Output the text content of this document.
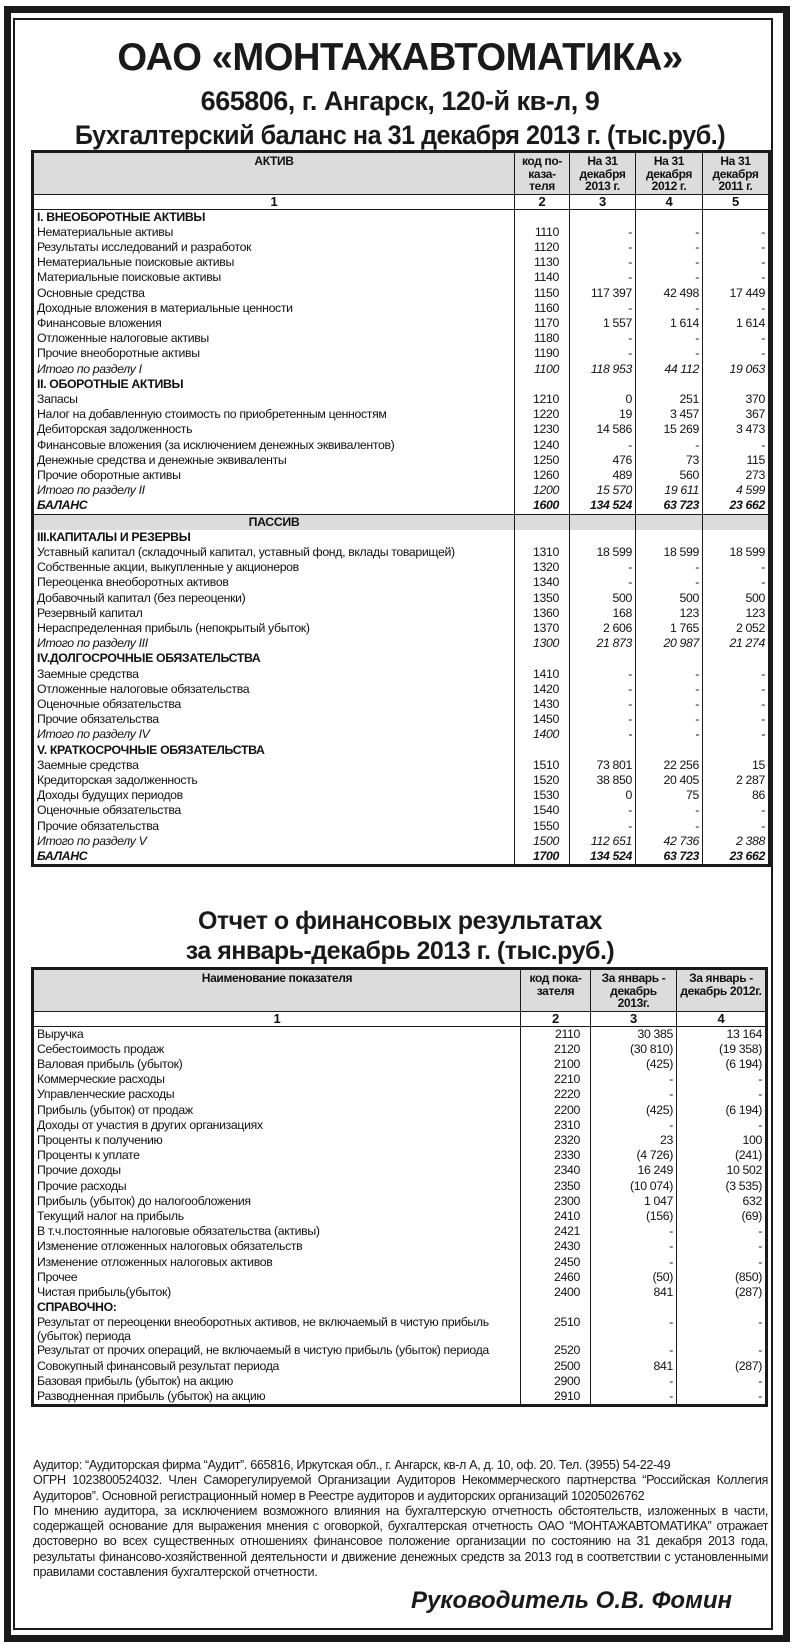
ОАО «МОНТАЖАВТОМАТИКА»
665806, г. Ангарск, 120-й кв-л, 9
Бухгалтерский баланс на 31 декабря 2013 г. (тыс.руб.)
АКТИВ	код по-каза-теля	На 31 декабря 2013 г.	На 31 декабря 2012 г.	На 31 декабря 2011 г.
1	2	3	4	5
I. ВНЕОБОРОТНЫЕ АКТИВЫ				
Нематериальные активы	1110	-	-	-
Результаты исследований и разработок	1120	-	-	-
Нематериальные поисковые активы	1130	-	-	-
Материальные поисковые активы	1140	-	-	-
Основные средства	1150	117 397	42 498	17 449
Доходные вложения в материальные ценности	1160	-	-	-
Финансовые вложения	1170	1 557	1 614	1 614
Отложенные налоговые активы	1180	-	-	-
Прочие внеоборотные активы	1190	-	-	-
Итого по разделу I	1100	118 953	44 112	19 063
II. ОБОРОТНЫЕ АКТИВЫ				
Запасы	1210	0	251	370
Налог на добавленную стоимость по приобретенным ценностям	1220	19	3 457	367
Дебиторская задолженность	1230	14 586	15 269	3 473
Финансовые вложения (за исключением денежных эквивалентов)	1240	-	-	-
Денежные средства и денежные эквиваленты	1250	476	73	115
Прочие оборотные активы	1260	489	560	273
Итого по разделу II	1200	15 570	19 611	4 599
БАЛАНС	1600	134 524	63 723	23 662
ПАССИВ				
III.КАПИТАЛЫ И РЕЗЕРВЫ				
Уставный капитал (складочный капитал, уставный фонд, вклады товарищей)	1310	18 599	18 599	18 599
Собственные акции, выкупленные у акционеров	1320	-	-	-
Переоценка внеоборотных активов	1340	-	-	-
Добавочный капитал (без переоценки)	1350	500	500	500
Резервный капитал	1360	168	123	123
Нераспределенная прибыль (непокрытый убыток)	1370	2 606	1 765	2 052
Итого по разделу III	1300	21 873	20 987	21 274
IV.ДОЛГОСРОЧНЫЕ ОБЯЗАТЕЛЬСТВА				
Заемные средства	1410	-	-	-
Отложенные налоговые обязательства	1420	-	-	-
Оценочные обязательства	1430	-	-	-
Прочие обязательства	1450	-	-	-
Итого по разделу IV	1400	-	-	-
V. КРАТКОСРОЧНЫЕ ОБЯЗАТЕЛЬСТВА				
Заемные средства	1510	73 801	22 256	15
Кредиторская задолженность	1520	38 850	20 405	2 287
Доходы будущих периодов	1530	0	75	86
Оценочные обязательства	1540	-	-	-
Прочие обязательства	1550	-	-	-
Итого по разделу V	1500	112 651	42 736	2 388
БАЛАНС	1700	134 524	63 723	23 662
Отчет о финансовых результатах
за январь-декабрь 2013 г. (тыс.руб.)
Наименование показателя	код пока-зателя	За январь - декабрь 2013г.	За январь - декабрь 2012г.
1	2	3	4
Выручка	2110	30 385	13 164
Себестоимость продаж	2120	(30 810)	(19 358)
Валовая прибыль (убыток)	2100	(425)	(6 194)
Коммерческие расходы	2210	-	-
Управленческие расходы	2220	-	-
Прибыль (убыток) от продаж	2200	(425)	(6 194)
Доходы от участия в других организациях	2310	-	-
Проценты к получению	2320	23	100
Проценты к уплате	2330	(4 726)	(241)
Прочие доходы	2340	16 249	10 502
Прочие расходы	2350	(10 074)	(3 535)
Прибыль (убыток) до налогообложения	2300	1 047	632
Текущий налог на прибыль	2410	(156)	(69)
В т.ч.постоянные налоговые обязательства (активы)	2421	-	-
Изменение отложенных налоговых обязательств	2430	-	-
Изменение отложенных налоговых активов	2450	-	-
Прочее	2460	(50)	(850)
Чистая прибыль(убыток)	2400	841	(287)
СПРАВОЧНО:			
Результат от переоценки внеоборотных активов, не включаемый в чистую прибыль (убыток) периода	2510	-	-
Результат от прочих операций, не включаемый в чистую прибыль (убыток) периода	2520	-	-
Совокупный финансовый результат периода	2500	841	(287)
Базовая прибыль (убыток) на акцию	2900	-	-
Разводненная прибыль (убыток) на акцию	2910	-	-

Аудитор: “Аудиторская фирма “Аудит”. 665816, Иркутская обл., г. Ангарск, кв-л А, д. 10, оф. 20. Тел. (3955) 54-22-49

ОГРН 1023800524032. Член Саморегулируемой Организации Аудиторов Некоммерческого партнерства “Российская Коллегия Аудиторов”. Основной регистрационный номер в Реестре аудиторов и аудиторских организаций 10205026762

По мнению аудитора, за исключением возможного влияния на бухгалтерскую отчетность обстоятельств, изложенных в части, содержащей основание для выражения мнения с оговоркой, бухгалтерская отчетность ОАО “МОНТАЖАВТОМАТИКА” отражает достоверно во всех существенных отношениях финансовое положение организации по состоянию на 31 декабря 2013 года, результаты финансово-хозяйственной деятельности и движение денежных средств за 2013 год в соответствии с установленными правилами составления бухгалтерской отчетности.

Руководитель О.В. Фомин
